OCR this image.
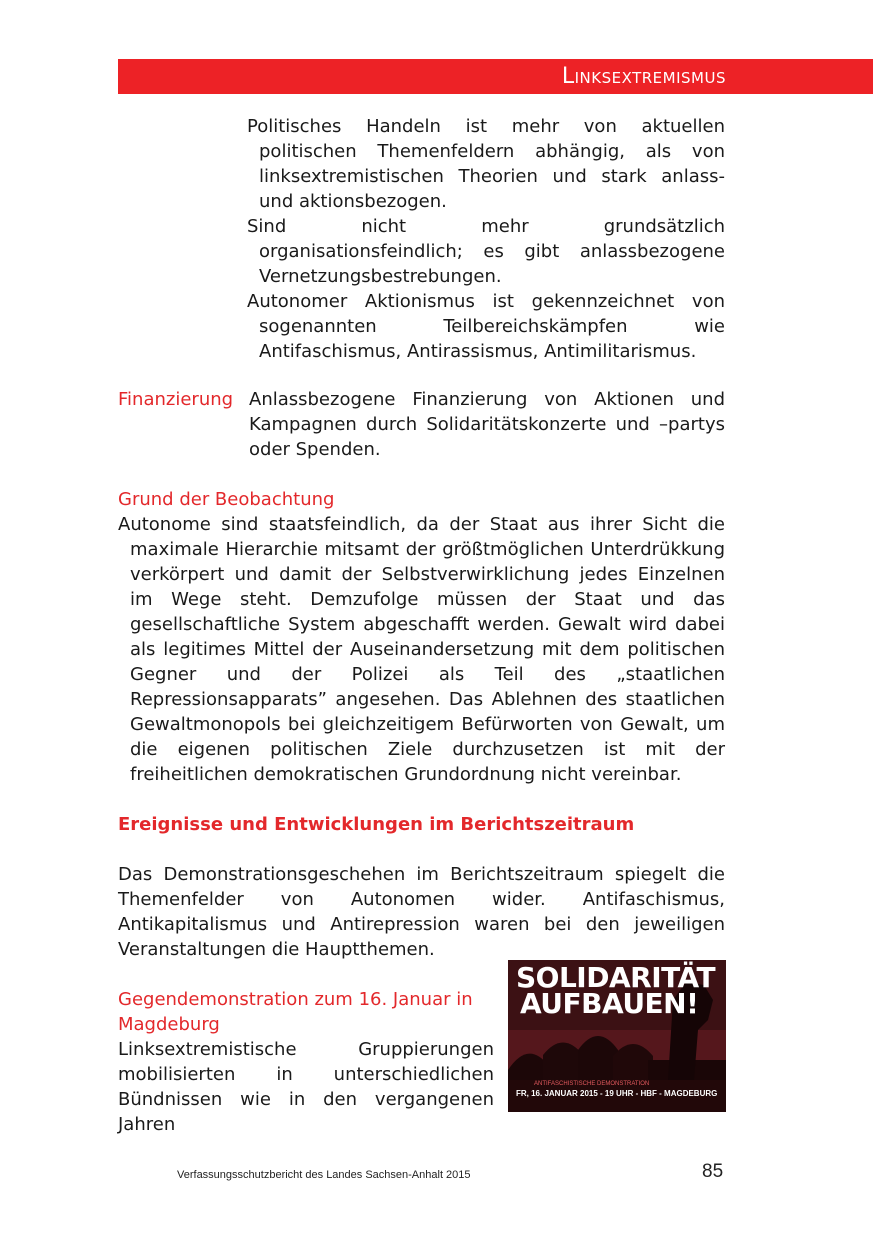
Linksextremismus

Politisches Handeln ist mehr von aktuellen politischen Themenfeldern abhängig, als von linksextremistischen Theorien und stark anlass- und aktionsbezogen.

Sind nicht mehr grundsätzlich organisationsfeindlich; es gibt anlassbezogene Vernetzungsbestrebungen.

Autonomer Aktionismus ist gekennzeichnet von sogenannten Teilbereichskämpfen wie Antifaschismus, Antirassismus, Antimilitarismus.

Finanzierung Anlassbezogene Finanzierung von Aktionen und Kampagnen durch Solidaritätskonzerte und –partys oder Spenden.

Grund der Beobachtung

Autonome sind staatsfeindlich, da der Staat aus ihrer Sicht die maximale Hierarchie mitsamt der größtmöglichen Unterdrükkung verkörpert und damit der Selbstverwirklichung jedes Einzelnen im Wege steht. Demzufolge müssen der Staat und das gesellschaftliche System abgeschafft werden. Gewalt wird dabei als legitimes Mittel der Auseinandersetzung mit dem politischen Gegner und der Polizei als Teil des „staatlichen Repressionsapparats” angesehen. Das Ablehnen des staatlichen Gewaltmonopols bei gleichzeitigem Befürworten von Gewalt, um die eigenen politischen Ziele durchzusetzen ist mit der freiheitlichen demokratischen Grundordnung nicht vereinbar.

Ereignisse und Entwicklungen im Berichtszeitraum

Das Demonstrationsgeschehen im Berichtszeitraum spiegelt die Themenfelder von Autonomen wider. Antifaschismus, Antikapitalismus und Antirepression waren bei den jeweiligen Veranstaltungen die Hauptthemen.

Gegendemonstration zum 16. Januar in Magdeburg

Linksextremistische Gruppierungen mobilisierten in unterschiedlichen Bündnissen wie in den vergangenen Jahren

SOLIDARITÄT
AUFBAUEN!
ANTIFASCHISTISCHE DEMONSTRATION
FR, 16. JANUAR 2015 - 19 UHR - HBF - MAGDEBURG
Verfassungsschutzbericht des Landes Sachsen-Anhalt 2015	85
